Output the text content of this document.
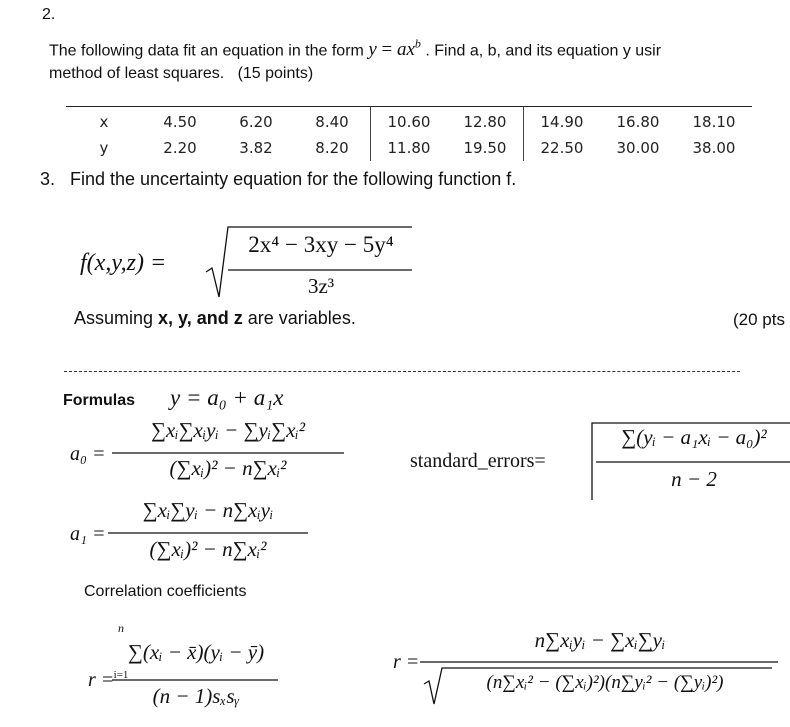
2.
The following data fit an equation in the form $y = ax^b$ . Find a, b, and its equation y usir
method of least squares. (15 points)
x	4.50	6.20	8.40	10.60	12.80	14.90	16.80	18.10
y	2.20	3.82	8.20	11.80	19.50	22.50	30.00	38.00
3. Find the uncertainty equation for the following function f.
f(x,y,z) =
2x⁴ − 3xy − 5y⁴
3z³
Assuming x, y, and z are variables.	(20 pts
Formulas y = a₀ + a₁x
a₀ =
∑xᵢ∑xᵢyᵢ − ∑yᵢ∑xᵢ²
(∑xᵢ)² − n∑xᵢ²	standard_errors=
∑(yᵢ − a₁xᵢ − a₀)²
n − 2
a₁ =
∑xᵢ∑yᵢ − n∑xᵢyᵢ
(∑xᵢ)² − n∑xᵢ²
Correlation coefficients
r =
n
i=1
∑(xᵢ − x̄)(yᵢ − ȳ)
(n − 1)sₓsᵧ
r =
n∑xᵢyᵢ − ∑xᵢ∑yᵢ
(n∑xᵢ² − (∑xᵢ)²)(n∑yᵢ² − (∑yᵢ)²)
